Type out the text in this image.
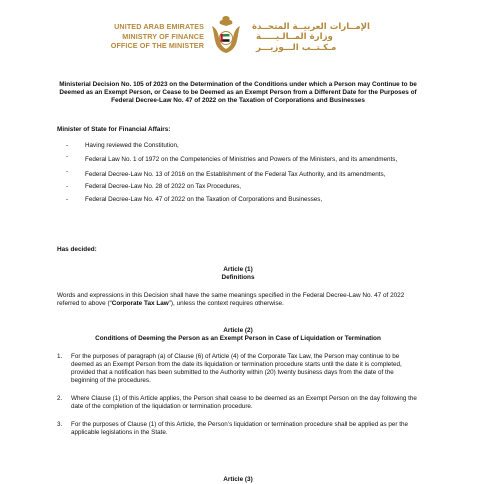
UNITED ARAB EMIRATES
MINISTRY OF FINANCE
OFFICE OF THE MINISTER
الإمــارات العربيــة المتحــدة
وزارة المــالـيـــــة
مـكـتــب الـــوزيـــر
Ministerial Decision No. 105 of 2023 on the Determination of the Conditions under which a Person may Continue to be Deemed as an Exempt Person, or Cease to be Deemed as an Exempt Person from a Different Date for the Purposes of Federal Decree-Law No. 47 of 2022 on the Taxation of Corporations and Businesses
Minister of State for Financial Affairs:
-	Having reviewed the Constitution,
-	Federal Law No. 1 of 1972 on the Competencies of Ministries and Powers of the Ministers, and its amendments,
-	Federal Decree-Law No. 13 of 2016 on the Establishment of the Federal Tax Authority, and its amendments,
-	Federal Decree-Law No. 28 of 2022 on Tax Procedures,
-	Federal Decree-Law No. 47 of 2022 on the Taxation of Corporations and Businesses,
Has decided:
Article (1)
Definitions
Words and expressions in this Decision shall have the same meanings specified in the Federal Decree-Law No. 47 of 2022 referred to above (“Corporate Tax Law”), unless the context requires otherwise.
Article (2)
Conditions of Deeming the Person as an Exempt Person in Case of Liquidation or Termination
1.	For the purposes of paragraph (a) of Clause (6) of Article (4) of the Corporate Tax Law, the Person may continue to be deemed as an Exempt Person from the date its liquidation or termination procedure starts until the date it is completed, provided that a notification has been submitted to the Authority within (20) twenty business days from the date of the beginning of the procedures.
2.	Where Clause (1) of this Article applies, the Person shall cease to be deemed as an Exempt Person on the day following the date of the completion of the liquidation or termination procedure.
3.	For the purposes of Clause (1) of this Article, the Person’s liquidation or termination procedure shall be applied as per the applicable legislations in the State.
Article (3)
